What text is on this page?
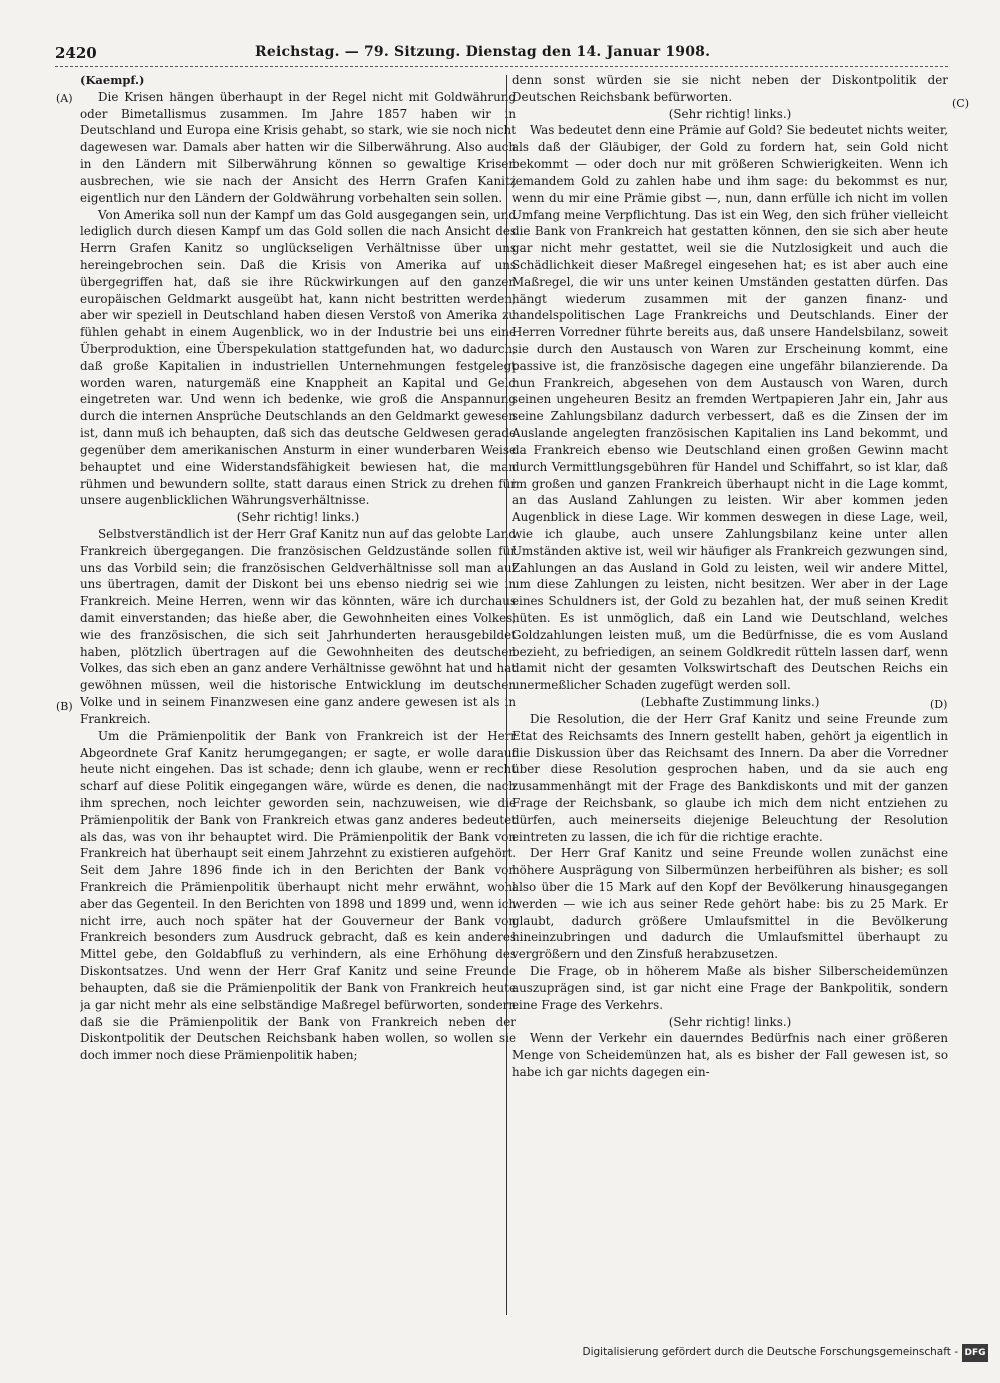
2420	Reichstag. — 79. Sitzung. Dienstag den 14. Januar 1908.
(A)
(B)
(C)
(D)

(Kaempf.)

Die Krisen hängen überhaupt in der Regel nicht mit Goldwährung oder Bimetallismus zusammen. Im Jahre 1857 haben wir in Deutschland und Europa eine Krisis gehabt, so stark, wie sie noch nicht dagewesen war. Damals aber hatten wir die Silberwährung. Also auch in den Ländern mit Silberwährung können so gewaltige Krisen ausbrechen, wie sie nach der Ansicht des Herrn Grafen Kanitz eigentlich nur den Ländern der Goldwährung vorbehalten sein sollen.

Von Amerika soll nun der Kampf um das Gold ausgegangen sein, und lediglich durch diesen Kampf um das Gold sollen die nach Ansicht des Herrn Grafen Kanitz so unglückseligen Verhältnisse über uns hereingebrochen sein. Daß die Krisis von Amerika auf uns übergegriffen hat, daß sie ihre Rückwirkungen auf den ganzen europäischen Geldmarkt ausgeübt hat, kann nicht bestritten werden; aber wir speziell in Deutschland haben diesen Verstoß von Amerika zu fühlen gehabt in einem Augenblick, wo in der Industrie bei uns eine Überproduktion, eine Überspekulation stattgefunden hat, wo dadurch, daß große Kapitalien in industriellen Unternehmungen festgelegt worden waren, naturgemäß eine Knappheit an Kapital und Geld eingetreten war. Und wenn ich bedenke, wie groß die Anspannung durch die internen Ansprüche Deutschlands an den Geldmarkt gewesen ist, dann muß ich behaupten, daß sich das deutsche Geldwesen gerade gegenüber dem amerikanischen Ansturm in einer wunderbaren Weise behauptet und eine Widerstandsfähigkeit bewiesen hat, die man rühmen und bewundern sollte, statt daraus einen Strick zu drehen für unsere augenblicklichen Währungsverhältnisse.

(Sehr richtig! links.)

Selbstverständlich ist der Herr Graf Kanitz nun auf das gelobte Land Frankreich übergegangen. Die französischen Geldzustände sollen für uns das Vorbild sein; die französischen Geldverhältnisse soll man auf uns übertragen, damit der Diskont bei uns ebenso niedrig sei wie in Frankreich. Meine Herren, wenn wir das könnten, wäre ich durchaus damit einverstanden; das hieße aber, die Gewohnheiten eines Volkes, wie des französischen, die sich seit Jahrhunderten herausgebildet haben, plötzlich übertragen auf die Gewohnheiten des deutschen Volkes, das sich eben an ganz andere Verhältnisse gewöhnt hat und hat gewöhnen müssen, weil die historische Entwicklung im deutschen Volke und in seinem Finanzwesen eine ganz andere gewesen ist als in Frankreich.

Um die Prämienpolitik der Bank von Frankreich ist der Herr Abgeordnete Graf Kanitz herumgegangen; er sagte, er wolle darauf heute nicht eingehen. Das ist schade; denn ich glaube, wenn er recht scharf auf diese Politik eingegangen wäre, würde es denen, die nach ihm sprechen, noch leichter geworden sein, nachzuweisen, wie die Prämienpolitik der Bank von Frankreich etwas ganz anderes bedeutet als das, was von ihr behauptet wird. Die Prämienpolitik der Bank von Frankreich hat überhaupt seit einem Jahrzehnt zu existieren aufgehört. Seit dem Jahre 1896 finde ich in den Berichten der Bank von Frankreich die Prämienpolitik überhaupt nicht mehr erwähnt, wohl aber das Gegenteil. In den Berichten von 1898 und 1899 und, wenn ich nicht irre, auch noch später hat der Gouverneur der Bank von Frankreich besonders zum Ausdruck gebracht, daß es kein anderes Mittel gebe, den Goldabfluß zu verhindern, als eine Erhöhung des Diskontsatzes. Und wenn der Herr Graf Kanitz und seine Freunde behaupten, daß sie die Prämienpolitik der Bank von Frankreich heute ja gar nicht mehr als eine selbständige Maßregel befürworten, sondern daß sie die Prämienpolitik der Bank von Frankreich neben der Diskontpolitik der Deutschen Reichsbank haben wollen, so wollen sie doch immer noch diese Prämienpolitik haben;

denn sonst würden sie sie nicht neben der Diskontpolitik der Deutschen Reichsbank befürworten.

(Sehr richtig! links.)

Was bedeutet denn eine Prämie auf Gold? Sie bedeutet nichts weiter, als daß der Gläubiger, der Gold zu fordern hat, sein Gold nicht bekommt — oder doch nur mit größeren Schwierigkeiten. Wenn ich jemandem Gold zu zahlen habe und ihm sage: du bekommst es nur, wenn du mir eine Prämie gibst —, nun, dann erfülle ich nicht im vollen Umfang meine Verpflichtung. Das ist ein Weg, den sich früher vielleicht die Bank von Frankreich hat gestatten können, den sie sich aber heute gar nicht mehr gestattet, weil sie die Nutzlosigkeit und auch die Schädlichkeit dieser Maßregel eingesehen hat; es ist aber auch eine Maßregel, die wir uns unter keinen Umständen gestatten dürfen. Das hängt wiederum zusammen mit der ganzen finanz- und handelspolitischen Lage Frankreichs und Deutschlands. Einer der Herren Vorredner führte bereits aus, daß unsere Handelsbilanz, soweit sie durch den Austausch von Waren zur Erscheinung kommt, eine passive ist, die französische dagegen eine ungefähr bilanzierende. Da nun Frankreich, abgesehen von dem Austausch von Waren, durch seinen ungeheuren Besitz an fremden Wertpapieren Jahr ein, Jahr aus seine Zahlungsbilanz dadurch verbessert, daß es die Zinsen der im Auslande angelegten französischen Kapitalien ins Land bekommt, und da Frankreich ebenso wie Deutschland einen großen Gewinn macht durch Vermittlungsgebühren für Handel und Schiffahrt, so ist klar, daß im großen und ganzen Frankreich überhaupt nicht in die Lage kommt, an das Ausland Zahlungen zu leisten. Wir aber kommen jeden Augenblick in diese Lage. Wir kommen deswegen in diese Lage, weil, wie ich glaube, auch unsere Zahlungsbilanz keine unter allen Umständen aktive ist, weil wir häufiger als Frankreich gezwungen sind, Zahlungen an das Ausland in Gold zu leisten, weil wir andere Mittel, um diese Zahlungen zu leisten, nicht besitzen. Wer aber in der Lage eines Schuldners ist, der Gold zu bezahlen hat, der muß seinen Kredit hüten. Es ist unmöglich, daß ein Land wie Deutschland, welches Goldzahlungen leisten muß, um die Bedürfnisse, die es vom Ausland bezieht, zu befriedigen, an seinem Goldkredit rütteln lassen darf, wenn damit nicht der gesamten Volkswirtschaft des Deutschen Reichs ein unermeßlicher Schaden zugefügt werden soll.

(Lebhafte Zustimmung links.)

Die Resolution, die der Herr Graf Kanitz und seine Freunde zum Etat des Reichsamts des Innern gestellt haben, gehört ja eigentlich in die Diskussion über das Reichsamt des Innern. Da aber die Vorredner über diese Resolution gesprochen haben, und da sie auch eng zusammenhängt mit der Frage des Bankdiskonts und mit der ganzen Frage der Reichsbank, so glaube ich mich dem nicht entziehen zu dürfen, auch meinerseits diejenige Beleuchtung der Resolution eintreten zu lassen, die ich für die richtige erachte.

Der Herr Graf Kanitz und seine Freunde wollen zunächst eine höhere Ausprägung von Silbermünzen herbeiführen als bisher; es soll also über die 15 Mark auf den Kopf der Bevölkerung hinausgegangen werden — wie ich aus seiner Rede gehört habe: bis zu 25 Mark. Er glaubt, dadurch größere Umlaufsmittel in die Bevölkerung hineinzubringen und dadurch die Umlaufsmittel überhaupt zu vergrößern und den Zinsfuß herabzusetzen.

Die Frage, ob in höherem Maße als bisher Silberscheidemünzen auszuprägen sind, ist gar nicht eine Frage der Bankpolitik, sondern eine Frage des Verkehrs.

(Sehr richtig! links.)

Wenn der Verkehr ein dauerndes Bedürfnis nach einer größeren Menge von Scheidemünzen hat, als es bisher der Fall gewesen ist, so habe ich gar nichts dagegen ein-

Digitalisierung gefördert durch die Deutsche Forschungsgemeinschaft - DFG
